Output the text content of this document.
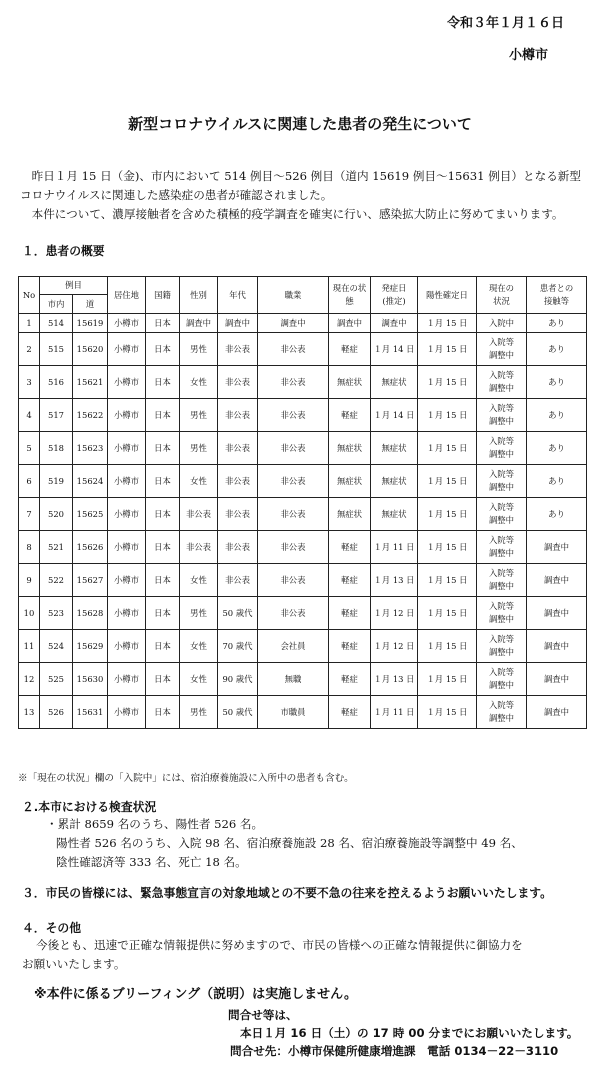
令和３年１月１６日
小樽市
新型コロナウイルスに関連した患者の発生について
　昨日１月 15 日（金)、市内において 514 例目～526 例目（道内 15619 例目～15631 例目）となる新型
コロナウイルスに関連した感染症の患者が確認されました。
　本件について、濃厚接触者を含めた積極的疫学調査を確実に行い、感染拡大防止に努めてまいります。
１．患者の概要
No	例目		居住地	国籍	性別	年代	職業	現在の状
態	発症日
(推定)	陽性確定日	現在の
状況	患者との
接触等
	市内	道										
1	514	15619	小樽市	日本	調査中	調査中	調査中	調査中	調査中	１月 15 日	入院中	あり
2	515	15620	小樽市	日本	男性	非公表	非公表	軽症	１月 14 日	１月 15 日	入院等
調整中	あり
3	516	15621	小樽市	日本	女性	非公表	非公表	無症状	無症状	１月 15 日	入院等
調整中	あり
4	517	15622	小樽市	日本	男性	非公表	非公表	軽症	１月 14 日	１月 15 日	入院等
調整中	あり
5	518	15623	小樽市	日本	男性	非公表	非公表	無症状	無症状	１月 15 日	入院等
調整中	あり
6	519	15624	小樽市	日本	女性	非公表	非公表	無症状	無症状	１月 15 日	入院等
調整中	あり
7	520	15625	小樽市	日本	非公表	非公表	非公表	無症状	無症状	１月 15 日	入院等
調整中	あり
8	521	15626	小樽市	日本	非公表	非公表	非公表	軽症	１月 11 日	１月 15 日	入院等
調整中	調査中
9	522	15627	小樽市	日本	女性	非公表	非公表	軽症	１月 13 日	１月 15 日	入院等
調整中	調査中
10	523	15628	小樽市	日本	男性	50 歳代	非公表	軽症	１月 12 日	１月 15 日	入院等
調整中	調査中
11	524	15629	小樽市	日本	女性	70 歳代	会社員	軽症	１月 12 日	１月 15 日	入院等
調整中	調査中
12	525	15630	小樽市	日本	女性	90 歳代	無職	軽症	１月 13 日	１月 15 日	入院等
調整中	調査中
13	526	15631	小樽市	日本	男性	50 歳代	市職員	軽症	１月 11 日	１月 15 日	入院等
調整中	調査中
※「現在の状況」欄の「入院中」には、宿泊療養施設に入所中の患者も含む。
２.本市における検査状況
・累計 8659 名のうち、陽性者 526 名。
陽性者 526 名のうち、入院 98 名、宿泊療養施設 28 名、宿泊療養施設等調整中 49 名、
陰性確認済等 333 名、死亡 18 名。
３．市民の皆様には、緊急事態宣言の対象地域との不要不急の往来を控えるようお願いいたします。
４．その他
今後とも、迅速で正確な情報提供に努めますので、市民の皆様への正確な情報提供に御協力を
お願いいたします。
※本件に係るブリーフィング（説明）は実施しません。
問合せ等は、
本日１月 16 日（土）の 17 時 00 分までにお願いいたします。
問合せ先：小樽市保健所健康増進課　電話 0134－22－3110
